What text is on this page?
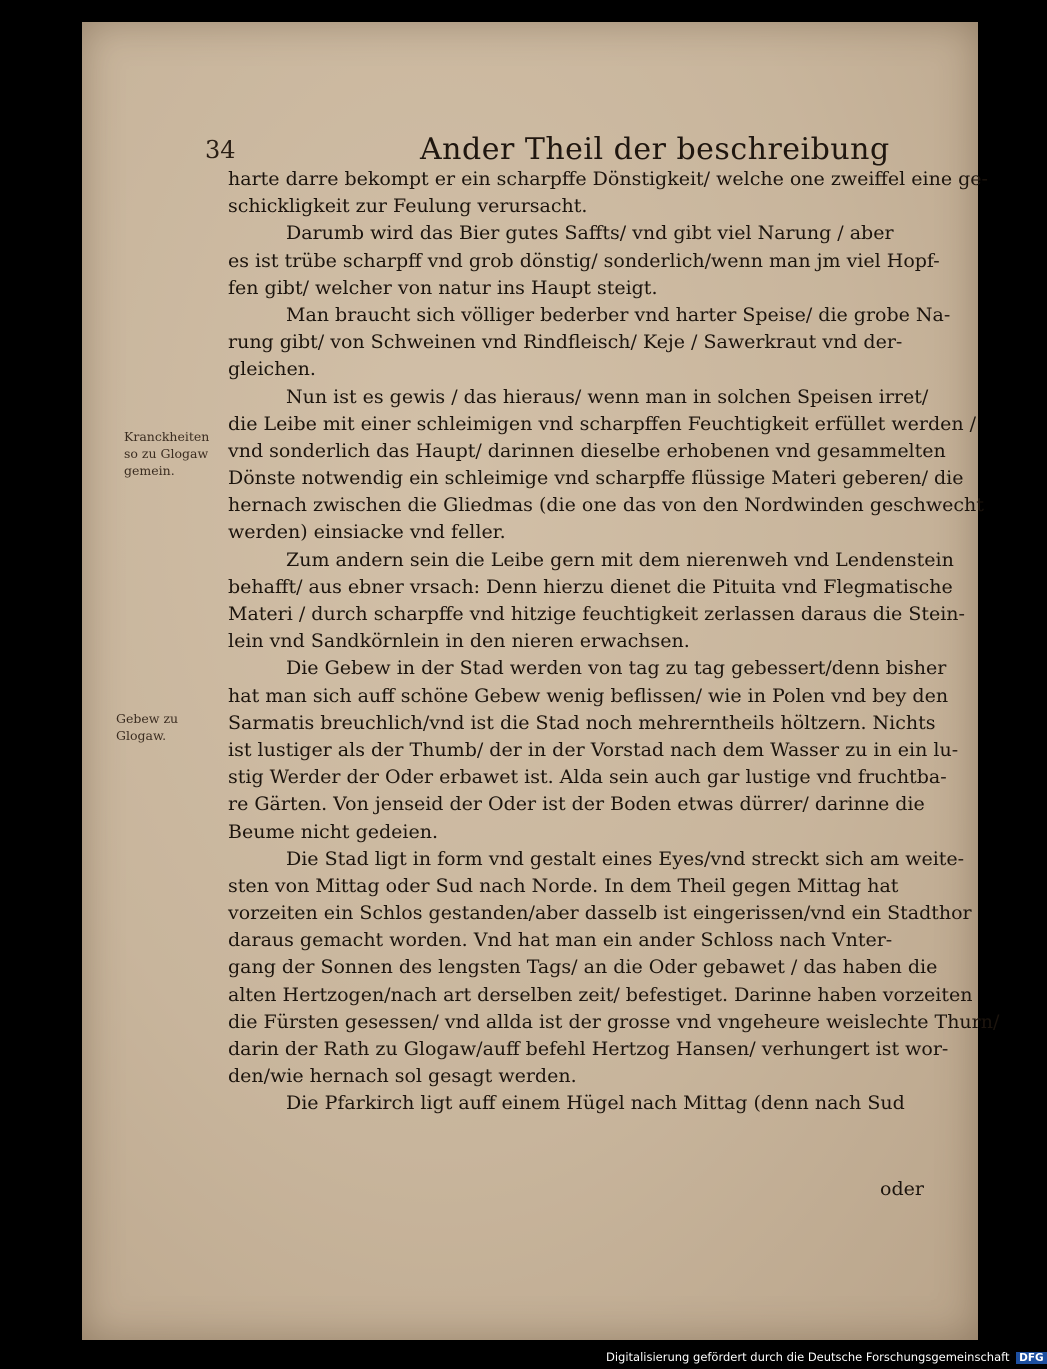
34	Ander Theil der beschreibung
harte darre bekompt er ein scharpffe Dönstigkeit/ welche one zweiffel eine ge-
schickligkeit zur Feulung verursacht.
Darumb wird das Bier gutes Saffts/ vnd gibt viel Narung / aber
es ist trübe scharpff vnd grob dönstig/ sonderlich/wenn man jm viel Hopf-
fen gibt/ welcher von natur ins Haupt steigt.
Man braucht sich völliger bederber vnd harter Speise/ die grobe Na-
rung gibt/ von Schweinen vnd Rindfleisch/ Keje / Sawerkraut vnd der-
gleichen.
Nun ist es gewis / das hieraus/ wenn man in solchen Speisen irret/
die Leibe mit einer schleimigen vnd scharpffen Feuchtigkeit erfüllet werden /
vnd sonderlich das Haupt/ darinnen dieselbe erhobenen vnd gesammelten
Dönste notwendig ein schleimige vnd scharpffe flüssige Materi geberen/ die
hernach zwischen die Gliedmas (die one das von den Nordwinden geschwecht
werden) einsiacke vnd feller.
Zum andern sein die Leibe gern mit dem nierenweh vnd Lendenstein
behafft/ aus ebner vrsach: Denn hierzu dienet die Pituita vnd Flegmatische
Materi / durch scharpffe vnd hitzige feuchtigkeit zerlassen daraus die Stein-
lein vnd Sandkörnlein in den nieren erwachsen.
Die Gebew in der Stad werden von tag zu tag gebessert/denn bisher
hat man sich auff schöne Gebew wenig beflissen/ wie in Polen vnd bey den
Sarmatis breuchlich/vnd ist die Stad noch mehrerntheils höltzern. Nichts
ist lustiger als der Thumb/ der in der Vorstad nach dem Wasser zu in ein lu-
stig Werder der Oder erbawet ist. Alda sein auch gar lustige vnd fruchtba-
re Gärten. Von jenseid der Oder ist der Boden etwas dürrer/ darinne die
Beume nicht gedeien.
Die Stad ligt in form vnd gestalt eines Eyes/vnd streckt sich am weite-
sten von Mittag oder Sud nach Norde. In dem Theil gegen Mittag hat
vorzeiten ein Schlos gestanden/aber dasselb ist eingerissen/vnd ein Stadthor
daraus gemacht worden. Vnd hat man ein ander Schloss nach Vnter-
gang der Sonnen des lengsten Tags/ an die Oder gebawet / das haben die
alten Hertzogen/nach art derselben zeit/ befestiget. Darinne haben vorzeiten
die Fürsten gesessen/ vnd allda ist der grosse vnd vngeheure weislechte Thurn/
darin der Rath zu Glogaw/auff befehl Hertzog Hansen/ verhungert ist wor-
den/wie hernach sol gesagt werden.
Die Pfarkirch ligt auff einem Hügel nach Mittag (denn nach Sud
oder
Kranckheiten
so zu Glogaw
gemein.
Gebew zu
Glogaw.
Digitalisierung gefördert durch die Deutsche Forschungsgemeinschaft DFG
